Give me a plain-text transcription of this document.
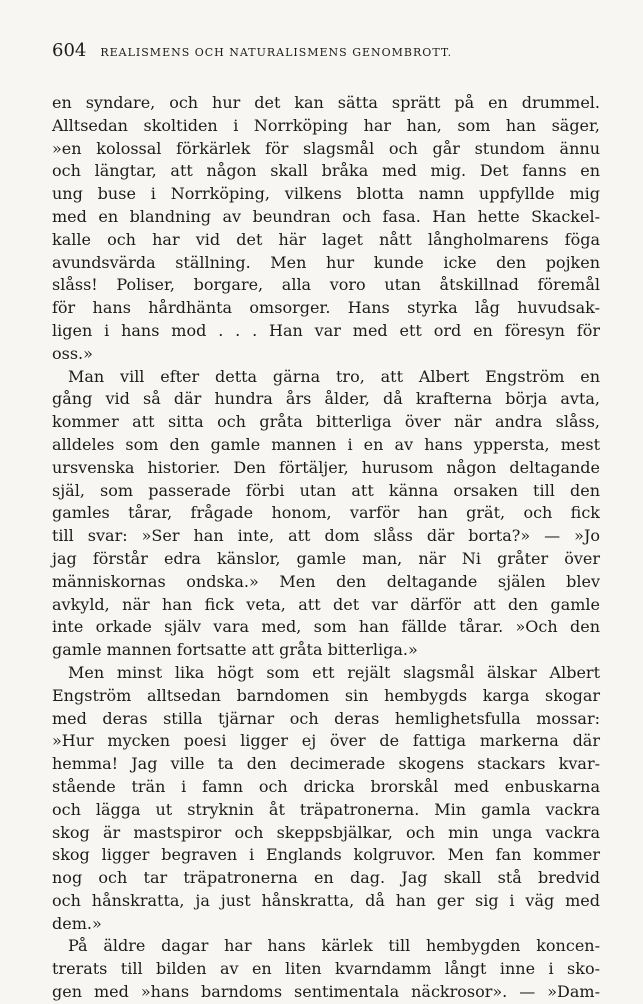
604 REALISMENS OCH NATURALISMENS GENOMBROTT.
en syndare, och hur det kan sätta sprätt på en drummel.
Alltsedan skoltiden i Norrköping har han, som han säger,
»en kolossal förkärlek för slagsmål och går stundom ännu
och längtar, att någon skall bråka med mig. Det fanns en
ung buse i Norrköping, vilkens blotta namn uppfyllde mig
med en blandning av beundran och fasa. Han hette Skackel-
kalle och har vid det här laget nått långholmarens föga
avundsvärda ställning. Men hur kunde icke den pojken
slåss! Poliser, borgare, alla voro utan åtskillnad föremål
för hans hårdhänta omsorger. Hans styrka låg huvudsak-
ligen i hans mod . . . Han var med ett ord en föresyn för
oss.»
Man vill efter detta gärna tro, att Albert Engström en
gång vid så där hundra års ålder, då krafterna börja avta,
kommer att sitta och gråta bitterliga över när andra slåss,
alldeles som den gamle mannen i en av hans yppersta, mest
ursvenska historier. Den förtäljer, hurusom någon deltagande
själ, som passerade förbi utan att känna orsaken till den
gamles tårar, frågade honom, varför han grät, och fick
till svar: »Ser han inte, att dom slåss där borta?» — »Jo
jag förstår edra känslor, gamle man, när Ni gråter över
människornas ondska.» Men den deltagande själen blev
avkyld, när han fick veta, att det var därför att den gamle
inte orkade själv vara med, som han fällde tårar. »Och den
gamle mannen fortsatte att gråta bitterliga.»
Men minst lika högt som ett rejält slagsmål älskar Albert
Engström alltsedan barndomen sin hembygds karga skogar
med deras stilla tjärnar och deras hemlighetsfulla mossar:
»Hur mycken poesi ligger ej över de fattiga markerna där
hemma! Jag ville ta den decimerade skogens stackars kvar-
stående trän i famn och dricka brorskål med enbuskarna
och lägga ut stryknin åt träpatronerna. Min gamla vackra
skog är mastspiror och skeppsbjälkar, och min unga vackra
skog ligger begraven i Englands kolgruvor. Men fan kommer
nog och tar träpatronerna en dag. Jag skall stå bredvid
och hånskratta, ja just hånskratta, då han ger sig i väg med
dem.»
På äldre dagar har hans kärlek till hembygden koncen-
trerats till bilden av en liten kvarndamm långt inne i sko-
gen med »hans barndoms sentimentala näckrosor». — »Dam-
